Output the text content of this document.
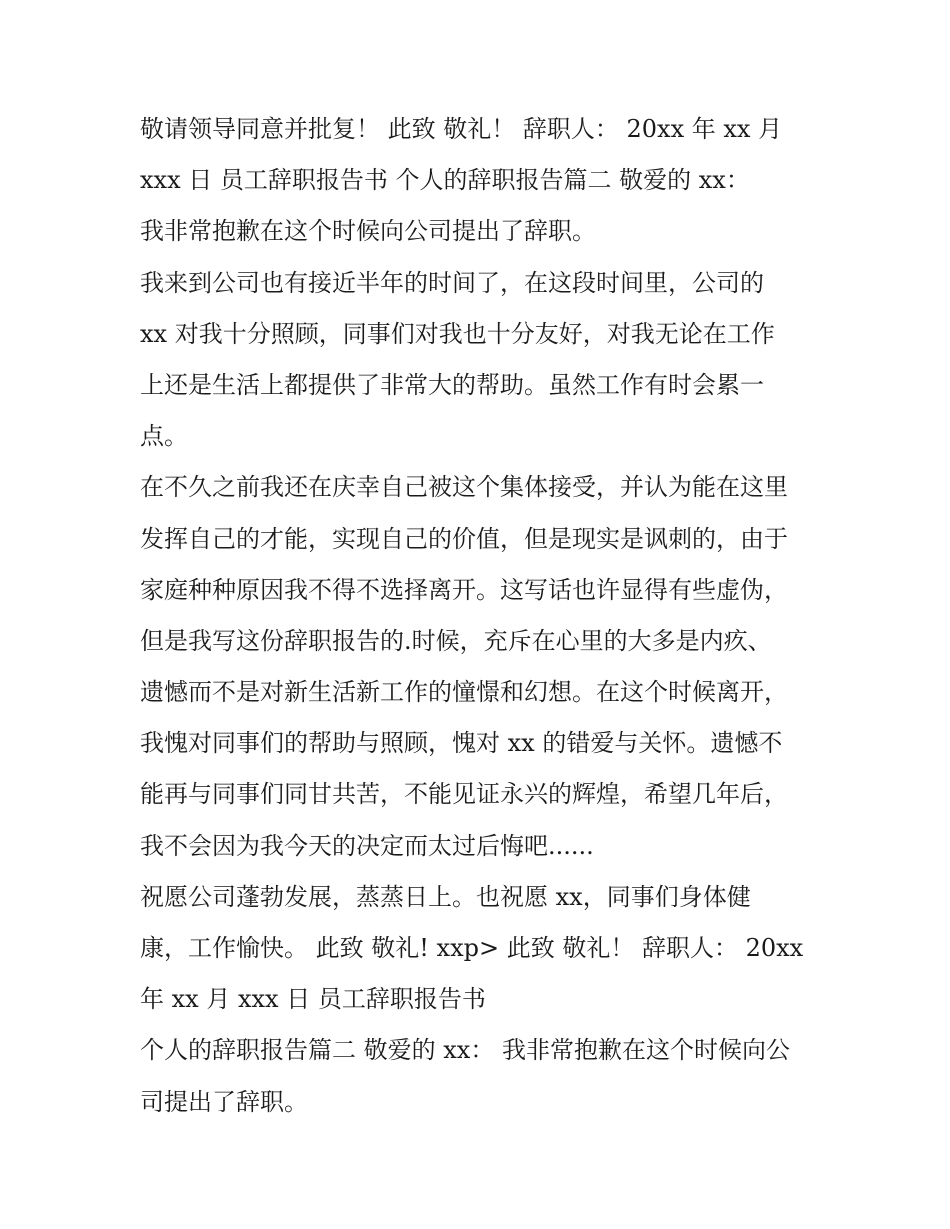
敬请领导同意并批复！ 此致 敬礼！ 辞职人： 20xx 年 xx 月
xxx 日 员工辞职报告书 个人的辞职报告篇二 敬爱的 xx：
我非常抱歉在这个时候向公司提出了辞职。
我来到公司也有接近半年的时间了，在这段时间里，公司的
xx 对我十分照顾，同事们对我也十分友好，对我无论在工作
上还是生活上都提供了非常大的帮助。虽然工作有时会累一
点。
在不久之前我还在庆幸自己被这个集体接受，并认为能在这里
发挥自己的才能，实现自己的价值，但是现实是讽刺的，由于
家庭种种原因我不得不选择离开。这写话也许显得有些虚伪，
但是我写这份辞职报告的.时候，充斥在心里的大多是内疚、
遗憾而不是对新生活新工作的憧憬和幻想。在这个时候离开，
我愧对同事们的帮助与照顾，愧对 xx 的错爱与关怀。遗憾不
能再与同事们同甘共苦，不能见证永兴的辉煌，希望几年后，
我不会因为我今天的决定而太过后悔吧......
祝愿公司蓬勃发展，蒸蒸日上。也祝愿 xx，同事们身体健
康，工作愉快。 此致 敬礼! xxp> 此致 敬礼！ 辞职人： 20xx
年 xx 月 xxx 日 员工辞职报告书
个人的辞职报告篇二 敬爱的 xx： 我非常抱歉在这个时候向公
司提出了辞职。
